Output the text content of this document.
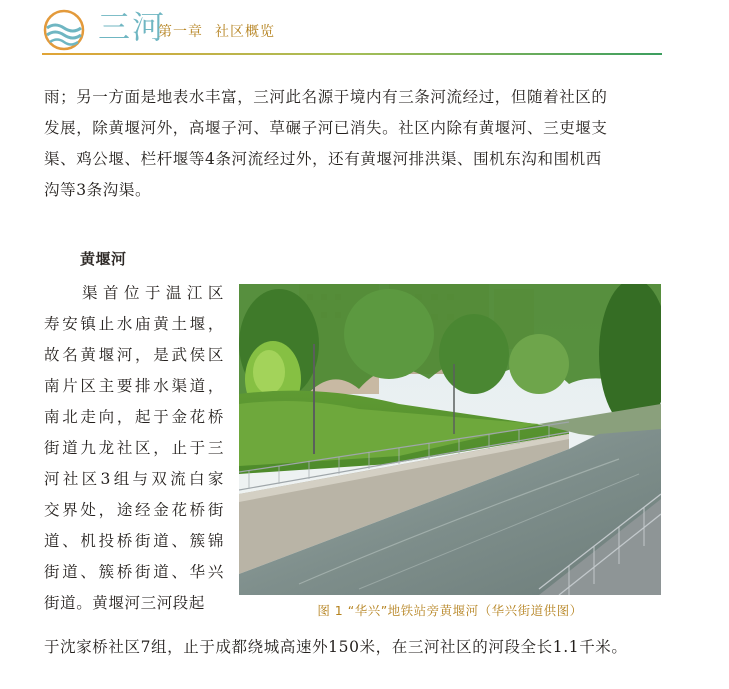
三河
第一章 社区概览

雨；另一方面是地表水丰富，三河此名源于境内有三条河流经过，但随着社区的
发展，除黄堰河外，高堰子河、草碾子河已消失。社区内除有黄堰河、三吏堰支
渠、鸡公堰、栏杆堰等4条河流经过外，还有黄堰河排洪渠、围机东沟和围机西
沟等3条沟渠。

黄堰河

渠首位于温江区
寿安镇止水庙黄土堰，
故名黄堰河，是武侯区
南片区主要排水渠道，
南北走向，起于金花桥
街道九龙社区，止于三
河社区3组与双流白家
交界处，途经金花桥街
道、机投桥街道、簇锦
街道、簇桥街道、华兴
街道。黄堰河三河段起	图 1 “华兴”地铁站旁黄堰河（华兴街道供图）

于沈家桥社区7组，止于成都绕城高速外150米，在三河社区的河段全长1.1千米。
